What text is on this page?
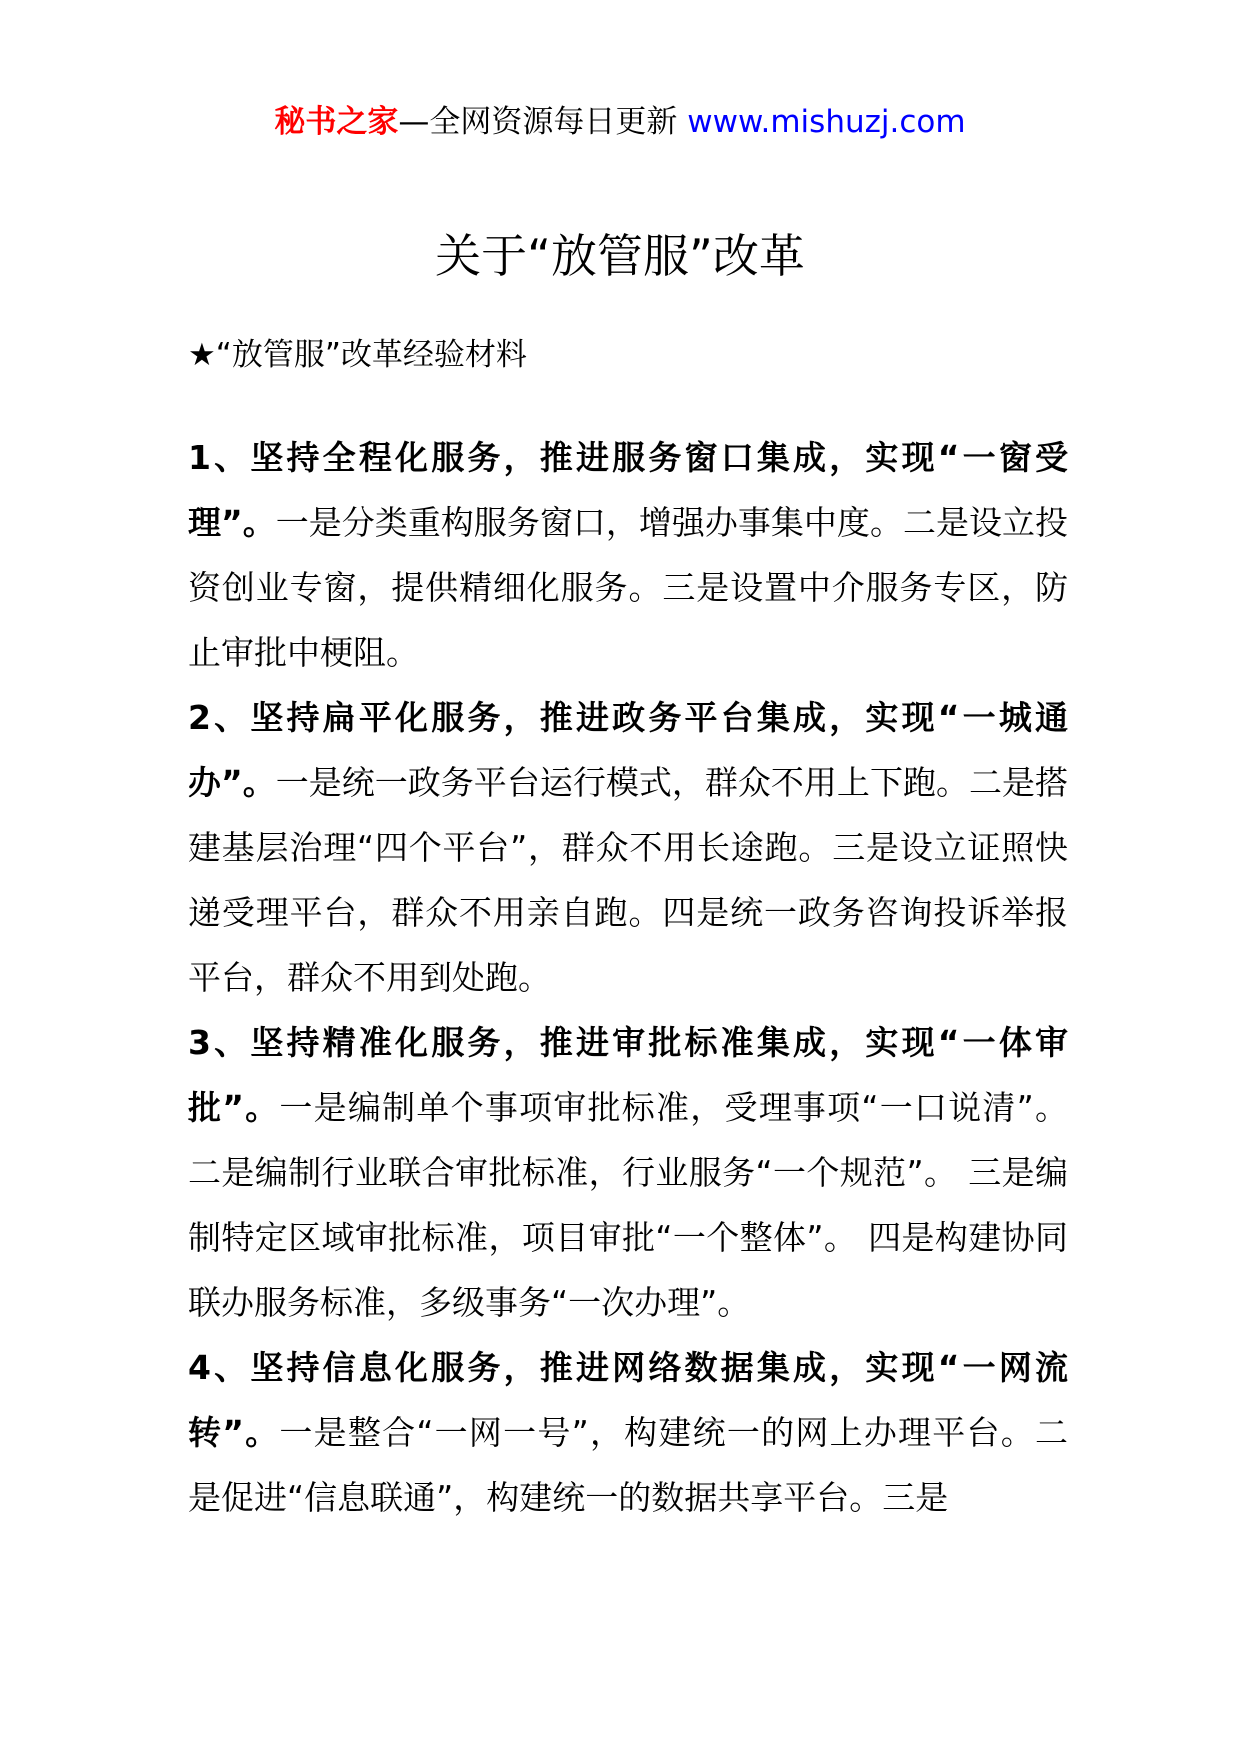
秘书之家—全网资源每日更新 www.mishuzj.com
关于“放管服”改革
★“放管服”改革经验材料

1、坚持全程化服务，推进服务窗口集成，实现“一窗受理”。一是分类重构服务窗口，增强办事集中度。二是设立投资创业专窗，提供精细化服务。三是设置中介服务专区，防止审批中梗阻。

2、坚持扁平化服务，推进政务平台集成，实现“一城通办”。一是统一政务平台运行模式，群众不用上下跑。二是搭建基层治理“四个平台”，群众不用长途跑。三是设立证照快递受理平台，群众不用亲自跑。四是统一政务咨询投诉举报平台，群众不用到处跑。

3、坚持精准化服务，推进审批标准集成，实现“一体审批”。一是编制单个事项审批标准，受理事项“一口说清”。二是编制行业联合审批标准，行业服务“一个规范”。 三是编制特定区域审批标准，项目审批“一个整体”。 四是构建协同联办服务标准，多级事务“一次办理”。

4、坚持信息化服务，推进网络数据集成，实现“一网流转”。一是整合“一网一号”，构建统一的网上办理平台。二是促进“信息联通”，构建统一的数据共享平台。三是
